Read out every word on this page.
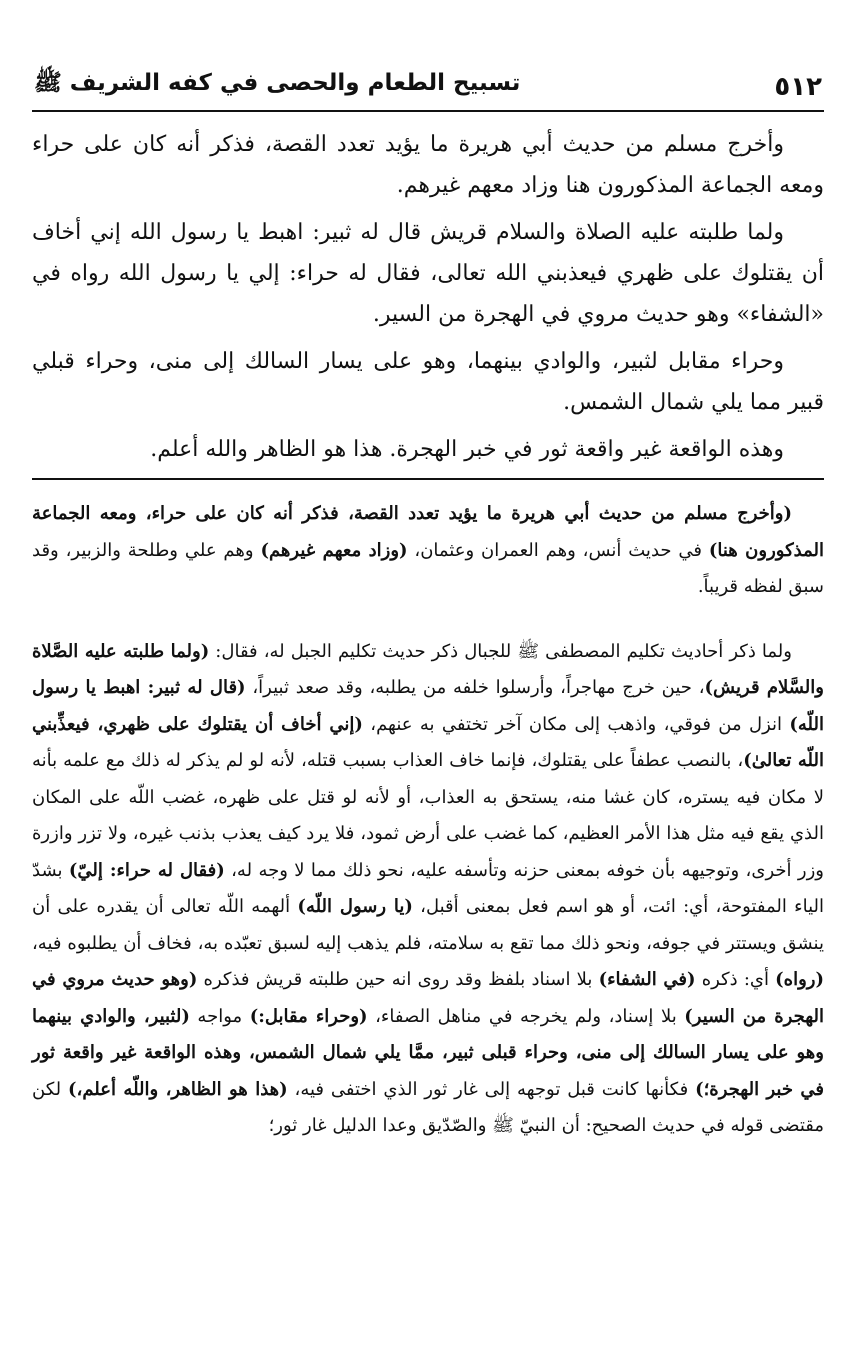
٥١٢
تسبيح الطعام والحصى في كفه الشريف ﷺ

وأخرج مسلم من حديث أبي هريرة ما يؤيد تعدد القصة، فذكر أنه كان على حراء ومعه الجماعة المذكورون هنا وزاد معهم غيرهم.

ولما طلبته عليه الصلاة والسلام قريش قال له ثبير: اهبط يا رسول الله إني أخاف أن يقتلوك على ظهري فيعذبني الله تعالى، فقال له حراء: إلي يا رسول الله رواه في «الشفاء» وهو حديث مروي في الهجرة من السير.

وحراء مقابل لثبير، والوادي بينهما، وهو على يسار السالك إلى منى، وحراء قبلي قبير مما يلي شمال الشمس.

وهذه الواقعة غير واقعة ثور في خبر الهجرة. هذا هو الظاهر والله أعلم.

(وأخرج مسلم من حديث أبي هريرة ما يؤيد تعدد القصة، فذكر أنه كان على حراء، ومعه الجماعة المذكورون هنا) في حديث أنس، وهم العمران وعثمان، (وزاد معهم غيرهم) وهم علي وطلحة والزبير، وقد سبق لفظه قريباً.

ولما ذكر أحاديث تكليم المصطفى ﷺ للجبال ذكر حديث تكليم الجبل له، فقال: (ولما طلبته عليه الصَّلاة والسَّلام قريش)، حين خرج مهاجراً، وأرسلوا خلفه من يطلبه، وقد صعد ثبيراً، (قال له ثبير: اهبط يا رسول اللّه) انزل من فوقي، واذهب إلى مكان آخر تختفي به عنهم، (إني أخاف أن يقتلوك على ظهري، فيعذِّبني اللّه تعالىٰ)، بالنصب عطفاً على يقتلوك، فإنما خاف العذاب بسبب قتله، لأنه لو لم يذكر له ذلك مع علمه بأنه لا مكان فيه يستره، كان غشا منه، يستحق به العذاب، أو لأنه لو قتل على ظهره، غضب اللّه على المكان الذي يقع فيه مثل هذا الأمر العظيم، كما غضب على أرض ثمود، فلا يرد كيف يعذب بذنب غيره، ولا تزر وازرة وزر أخرى، وتوجيهه بأن خوفه بمعنى حزنه وتأسفه عليه، نحو ذلك مما لا وجه له، (فقال له حراء: إليّ) بشدّ الياء المفتوحة، أي: ائت، أو هو اسم فعل بمعنى أقبل، (يا رسول اللّه) ألهمه اللّه تعالى أن يقدره على أن ينشق ويستتر في جوفه، ونحو ذلك مما تقع به سلامته، فلم يذهب إليه لسبق تعبّده به، فخاف أن يطلبوه فيه، (رواه) أي: ذكره (في الشفاء) بلا اسناد بلفظ وقد روى انه حين طلبته قريش فذكره (وهو حديث مروي في الهجرة من السير) بلا إسناد، ولم يخرجه في مناهل الصفاء، (وحراء مقابل:) مواجه (لثبير، والوادي بينهما وهو على يسار السالك إلى منى، وحراء قبلى ثبير، ممَّا يلي شمال الشمس، وهذه الواقعة غير واقعة ثور في خبر الهجرة؛) فكأنها كانت قبل توجهه إلى غار ثور الذي اختفى فيه، (هذا هو الظاهر، واللّه أعلم،) لكن مقتضى قوله في حديث الصحيح: أن النبيّ ﷺ والصّدّيق وعدا الدليل غار ثور؛
